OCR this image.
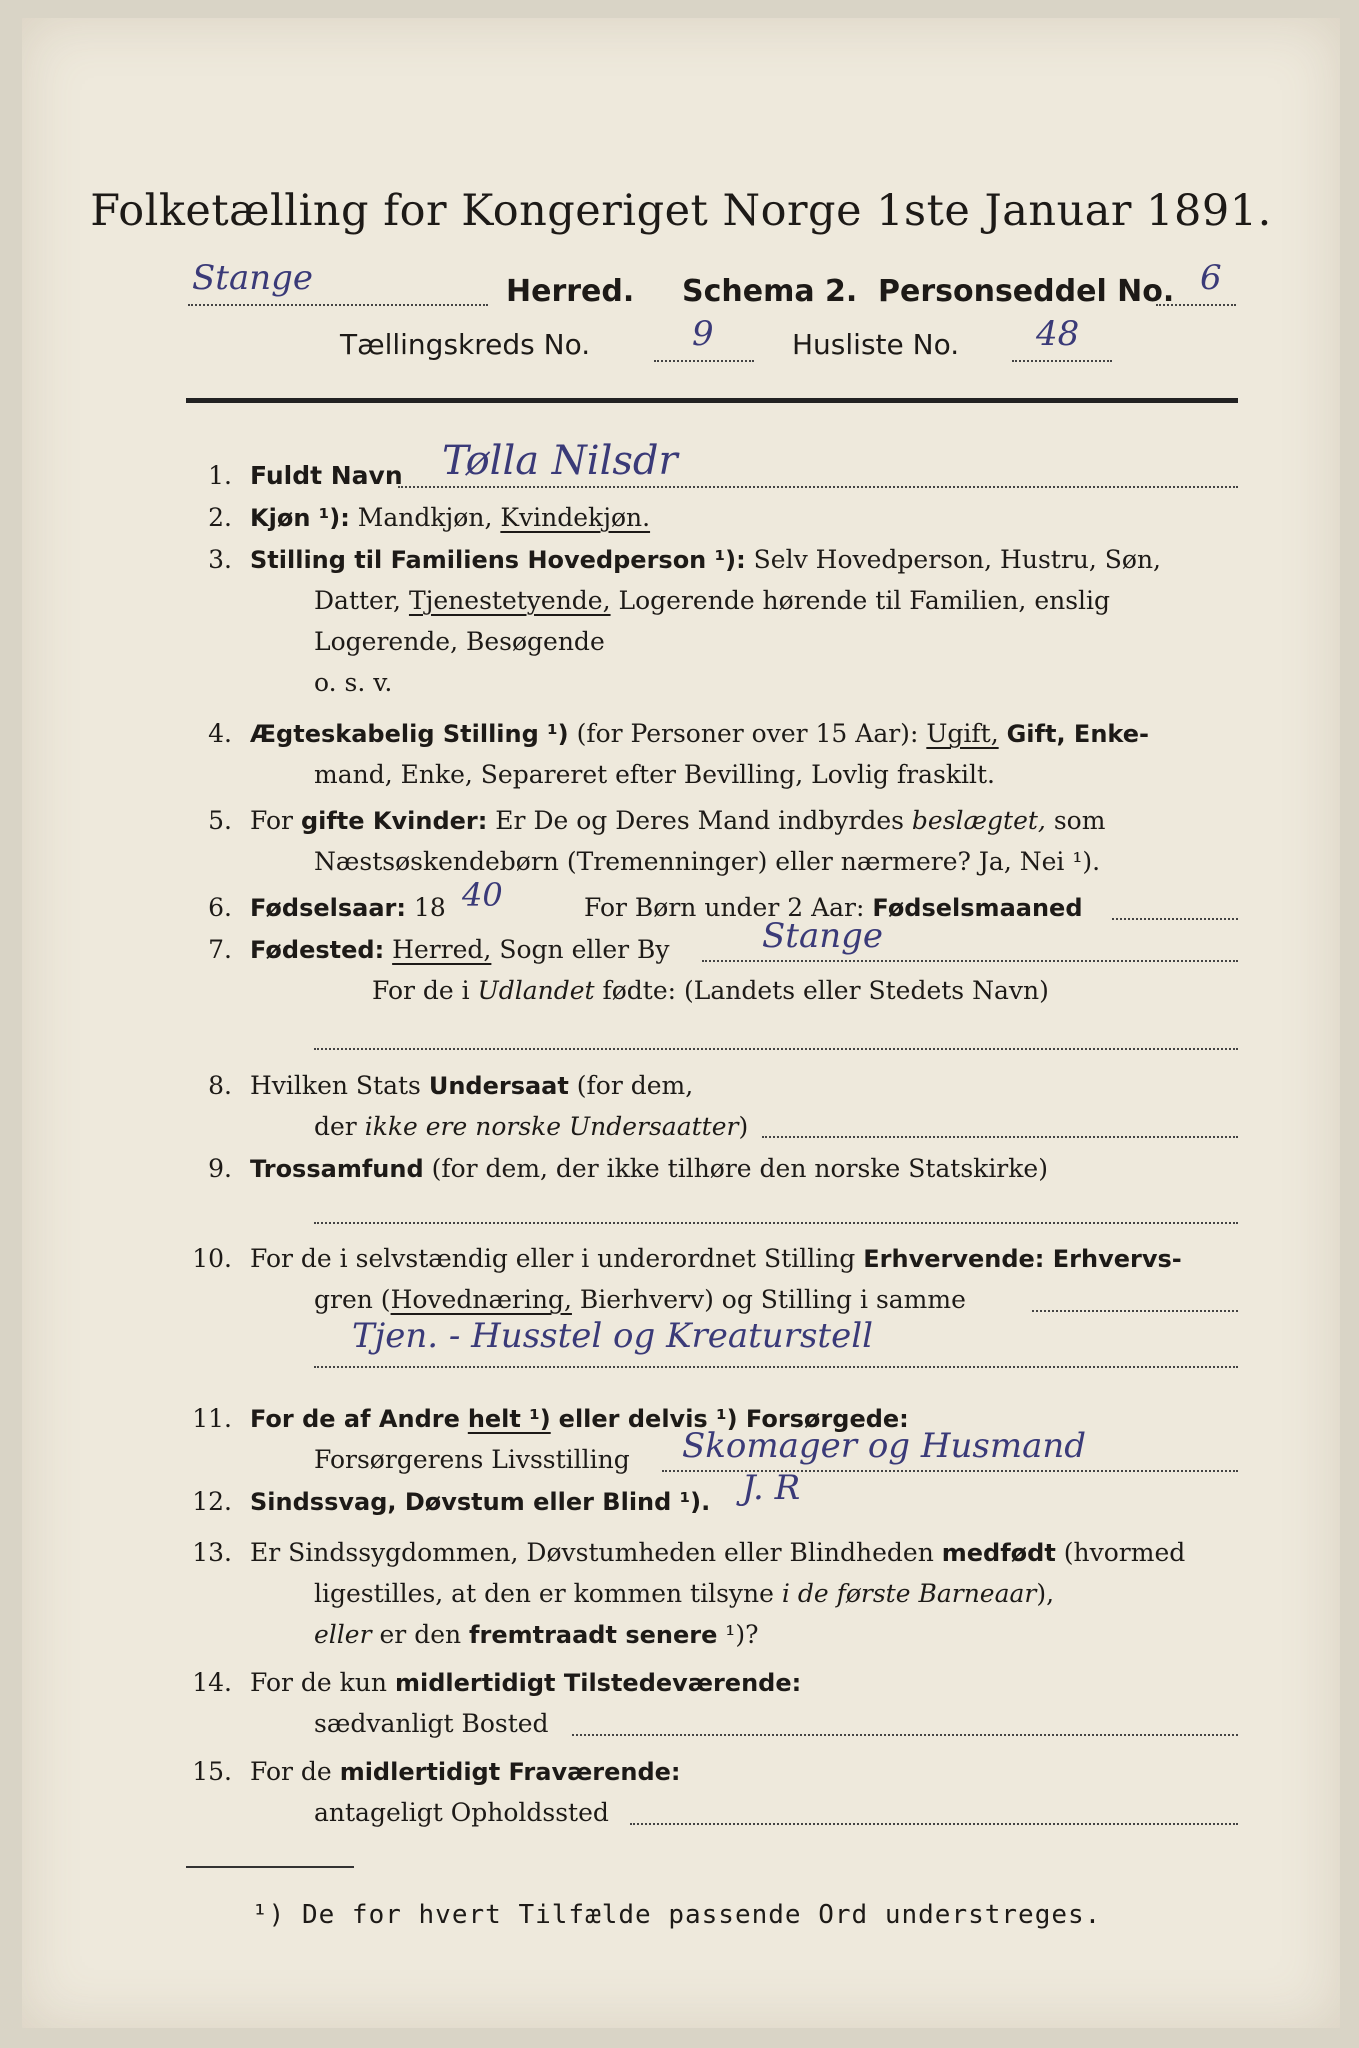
Folketælling for Kongeriget Norge 1ste Januar 1891.
Stange	Herred. Schema 2. Personseddel No. 6
Tællingskreds No.	9	Husliste No. 48
1. Fuldt Navn Tølla Nilsdr
2. Kjøn ¹): Mandkjøn, Kvindekjøn.
3. Stilling til Familiens Hovedperson ¹): Selv Hovedperson, Hustru, Søn,
Datter, Tjenestetyende, Logerende hørende til Familien, enslig
Logerende, Besøgende
o. s. v.
4. Ægteskabelig Stilling ¹) (for Personer over 15 Aar): Ugift, Gift, Enke-
mand, Enke, Separeret efter Bevilling, Lovlig fraskilt.
5. For gifte Kvinder: Er De og Deres Mand indbyrdes beslægtet, som
Næstsøskendebørn (Tremenninger) eller nærmere? Ja, Nei ¹).
6. Fødselsaar: 18 40	For Børn under 2 Aar: Fødselsmaaned
7. Fødested: Herred, Sogn eller By	Stange
For de i Udlandet fødte: (Landets eller Stedets Navn)
8. Hvilken Stats Undersaat (for dem,
der ikke ere norske Undersaatter)
9. Trossamfund (for dem, der ikke tilhøre den norske Statskirke)
10. For de i selvstændig eller i underordnet Stilling Erhvervende: Erhvervs-
gren (Hovednæring, Bierhverv) og Stilling i samme
Tjen. - Husstel og Kreaturstell
11. For de af Andre helt ¹) eller delvis ¹) Forsørgede:
Forsørgerens Livsstilling Skomager og Husmand
12. Sindssvag, Døvstum eller Blind ¹). J. R
13. Er Sindssygdommen, Døvstumheden eller Blindheden medfødt (hvormed
ligestilles, at den er kommen tilsyne i de første Barneaar),
eller er den fremtraadt senere ¹)?
14. For de kun midlertidigt Tilstedeværende:
sædvanligt Bosted
15. For de midlertidigt Fraværende:
antageligt Opholdssted
¹) De for hvert Tilfælde passende Ord understreges.
